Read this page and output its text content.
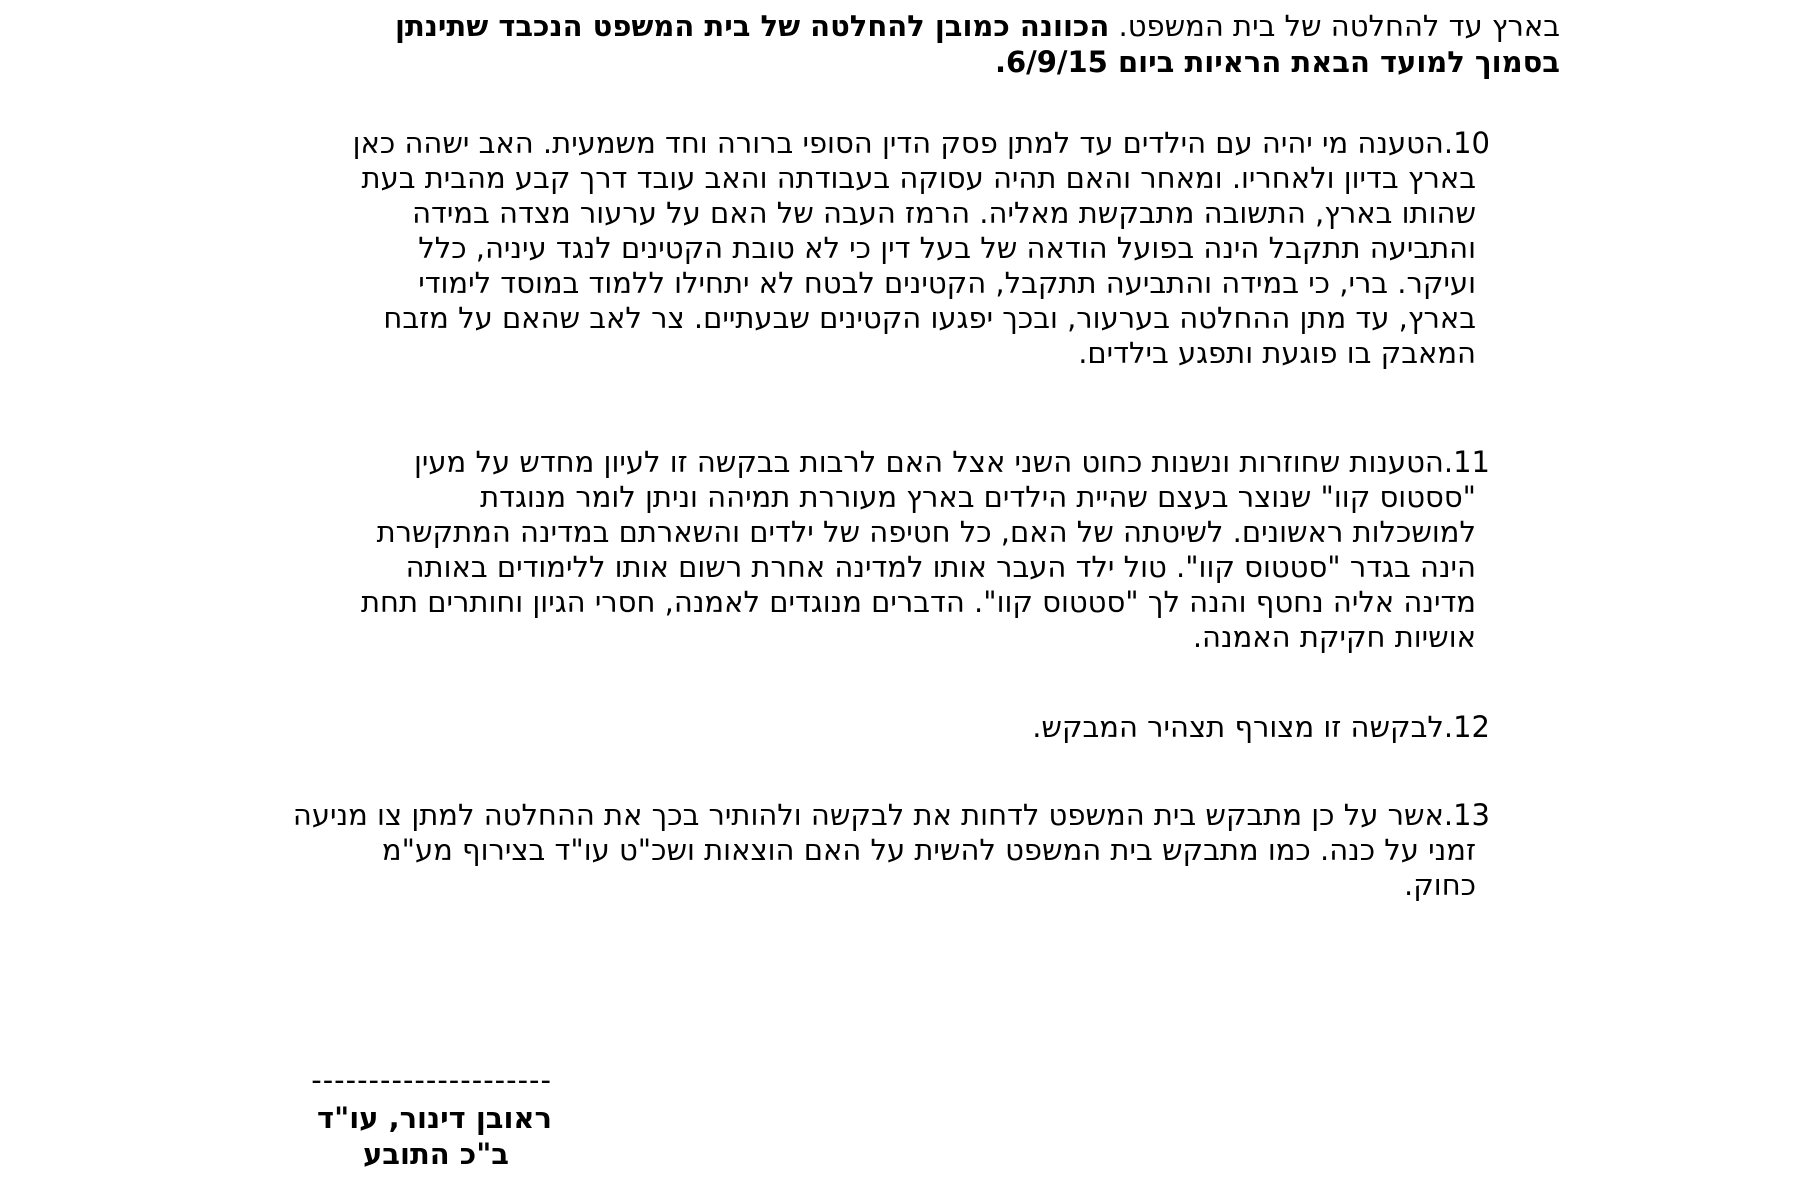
בארץ עד להחלטה של בית המשפט. הכוונה כמובן להחלטה של בית המשפט הנכבד שתינתן
בסמוך למועד הבאת הראיות ביום 6/9/15.
10.הטענה מי יהיה עם הילדים עד למתן פסק הדין הסופי ברורה וחד משמעית. האב ישהה כאן
בארץ בדיון ולאחריו. ומאחר והאם תהיה עסוקה בעבודתה והאב עובד דרך קבע מהבית בעת
שהותו בארץ, התשובה מתבקשת מאליה. הרמז העבה של האם על ערעור מצדה במידה
והתביעה תתקבל הינה בפועל הודאה של בעל דין כי לא טובת הקטינים לנגד עיניה, כלל
ועיקר. ברי, כי במידה והתביעה תתקבל, הקטינים לבטח לא יתחילו ללמוד במוסד לימודי
בארץ, עד מתן ההחלטה בערעור, ובכך יפגעו הקטינים שבעתיים. צר לאב שהאם על מזבח
המאבק בו פוגעת ותפגע בילדים.
11.הטענות שחוזרות ונשנות כחוט השני אצל האם לרבות בבקשה זו לעיון מחדש על מעין
"ססטוס קוו" שנוצר בעצם שהיית הילדים בארץ מעוררת תמיהה וניתן לומר מנוגדת
למושכלות ראשונים. לשיטתה של האם, כל חטיפה של ילדים והשארתם במדינה המתקשרת
הינה בגדר "סטטוס קוו". טול ילד העבר אותו למדינה אחרת רשום אותו ללימודים באותה
מדינה אליה נחטף והנה לך "סטטוס קוו". הדברים מנוגדים לאמנה, חסרי הגיון וחותרים תחת
אושיות חקיקת האמנה.
12.לבקשה זו מצורף תצהיר המבקש.
13.אשר על כן מתבקש בית המשפט לדחות את לבקשה ולהותיר בכך את ההחלטה למתן צו מניעה
זמני על כנה. כמו מתבקש בית המשפט להשית על האם הוצאות ושכ"ט עו"ד בצירוף מע"מ
כחוק.
---------------------
ראובן דינור, עו"ד
ב"כ התובע
